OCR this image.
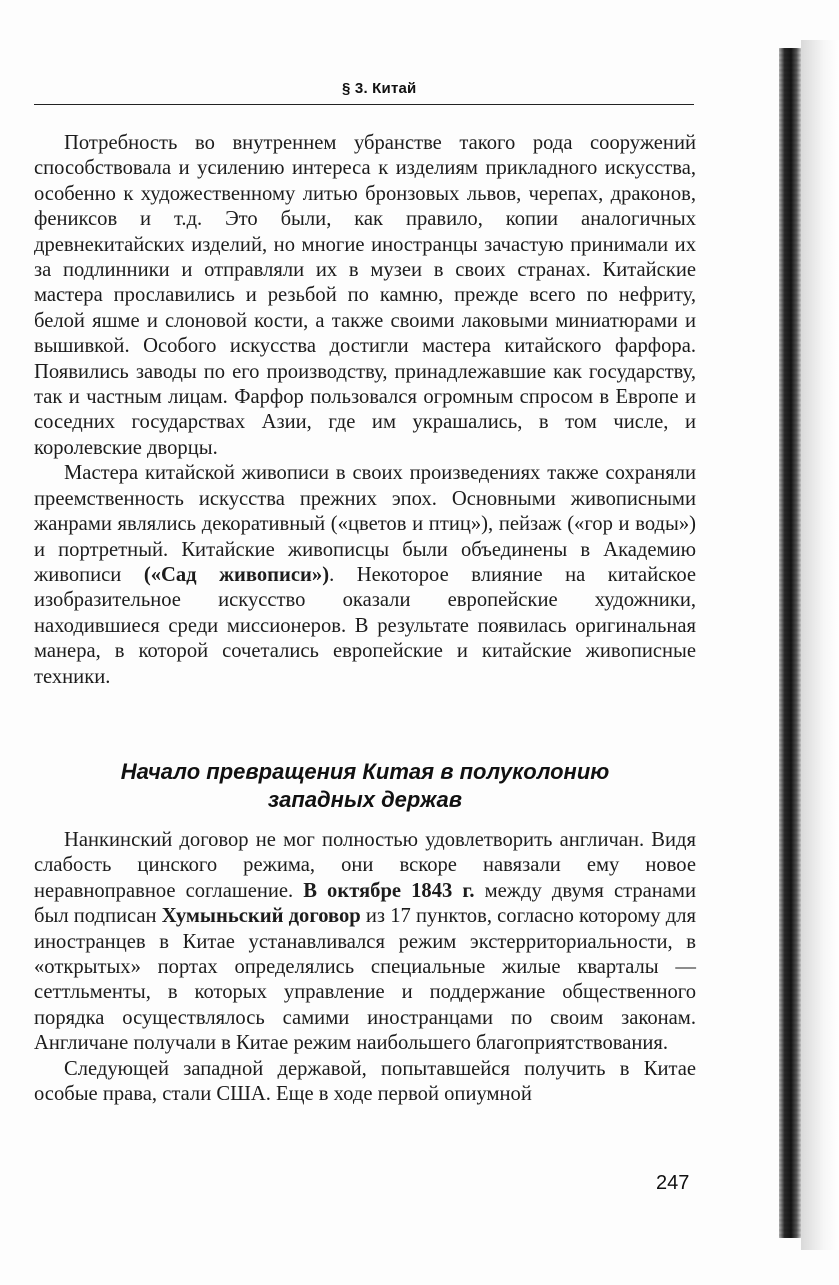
§ 3. Китай

Потребность во внутреннем убранстве такого рода сооружений способствовала и усилению интереса к изделиям прикладного искусства, особенно к художественному литью бронзовых львов, черепах, драконов, фениксов и т.д. Это были, как правило, копии аналогичных древнекитайских изделий, но многие иностранцы зачастую принимали их за подлинники и отправляли их в музеи в своих странах. Китайские мастера прославились и резьбой по камню, прежде всего по нефриту, белой яшме и слоновой кости, а также своими лаковыми миниатюрами и вышивкой. Особого искусства достигли мастера китайского фарфора. Появились заводы по его производству, принадлежавшие как государству, так и частным лицам. Фарфор пользовался огромным спросом в Европе и соседних государствах Азии, где им украшались, в том числе, и королевские дворцы.

Мастера китайской живописи в своих произведениях также сохраняли преемственность искусства прежних эпох. Основными живописными жанрами являлись декоративный («цветов и птиц»), пейзаж («гор и воды») и портретный. Китайские живописцы были объединены в Академию живописи («Сад живописи»). Некоторое влияние на китайское изобразительное искусство оказали европейские художники, находившиеся среди миссионеров. В результате появилась оригинальная манера, в которой сочетались европейские и китайские живописные техники.

Начало превращения Китая в полуколонию
западных держав

Нанкинский договор не мог полностью удовлетворить англичан. Видя слабость цинского режима, они вскоре навязали ему новое неравноправное соглашение. В октябре 1843 г. между двумя странами был подписан Хумыньский договор из 17 пунктов, согласно которому для иностранцев в Китае устанавливался режим экстерриториальности, в «открытых» портах определялись специальные жилые кварталы — сеттльменты, в которых управление и поддержание общественного порядка осуществлялось самими иностранцами по своим законам. Англичане получали в Китае режим наибольшего благоприятствования.

Следующей западной державой, попытавшейся получить в Китае особые права, стали США. Еще в ходе первой опиумной

247
